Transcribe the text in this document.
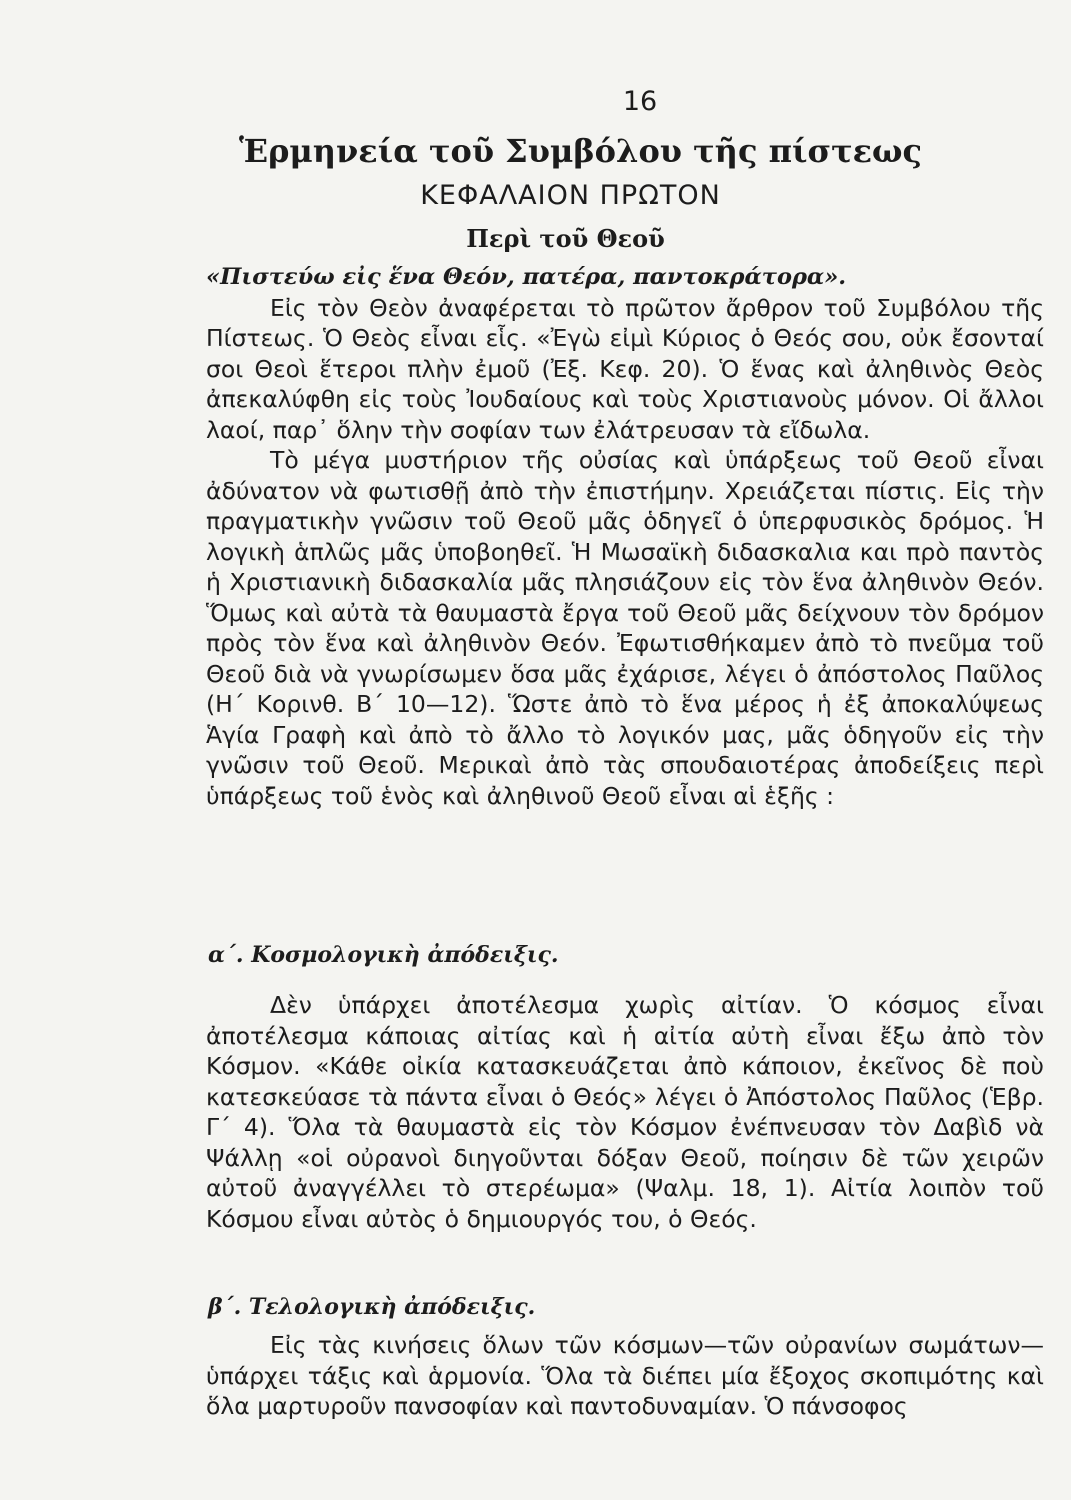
16
Ἑρμηνεία τοῦ Συμβόλου τῆς πίστεως
ΚΕΦΑΛΑΙΟΝ ΠΡΩΤΟΝ
Περὶ τοῦ Θεοῦ

«Πιστεύω εἰς ἕνα Θεόν, πατέρα, παντοκράτορα».

Εἰς τὸν Θεὸν ἀναφέρεται τὸ πρῶτον ἄρθρον τοῦ Συμβόλου τῆς Πίστεως. Ὁ Θεὸς εἶναι εἷς. «Ἐγὼ εἰμὶ Κύριος ὁ Θεός σου, οὐκ ἔσονταί σοι Θεοὶ ἕτεροι πλὴν ἐμοῦ (Ἐξ. Κεφ. 20). Ὁ ἕνας καὶ ἀληθινὸς Θεὸς ἀπεκαλύφθη εἰς τοὺς Ἰουδαίους καὶ τοὺς Χριστιανοὺς μόνον. Οἱ ἄλλοι λαοί, παρ᾽ ὅλην τὴν σοφίαν των ἐλάτρευσαν τὰ εἴδωλα.

Τὸ μέγα μυστήριον τῆς οὐσίας καὶ ὑπάρξεως τοῦ Θεοῦ εἶναι ἀδύνατον νὰ φωτισθῇ ἀπὸ τὴν ἐπιστήμην. Χρειάζεται πίστις. Εἰς τὴν πραγματικὴν γνῶσιν τοῦ Θεοῦ μᾶς ὁδηγεῖ ὁ ὑπερφυσικὸς δρόμος. Ἡ λογικὴ ἁπλῶς μᾶς ὑποβοηθεῖ. Ἡ Μωσαϊκὴ διδασκαλια και πρὸ παντὸς ἡ Χριστιανικὴ διδασκαλία μᾶς πλησιάζουν εἰς τὸν ἕνα ἀληθινὸν Θεόν. Ὅμως καὶ αὐτὰ τὰ θαυμαστὰ ἔργα τοῦ Θεοῦ μᾶς δείχνουν τὸν δρόμον πρὸς τὸν ἕνα καὶ ἀληθινὸν Θεόν. Ἐφωτισθήκαμεν ἀπὸ τὸ πνεῦμα τοῦ Θεοῦ διὰ νὰ γνωρίσωμεν ὅσα μᾶς ἐχάρισε, λέγει ὁ ἀπόστολος Παῦλος (Η΄ Κορινθ. Β΄ 10—12). Ὥστε ἀπὸ τὸ ἕνα μέρος ἡ ἐξ ἀποκαλύψεως Ἁγία Γραφὴ καὶ ἀπὸ τὸ ἄλλο τὸ λογικόν μας, μᾶς ὁδηγοῦν εἰς τὴν γνῶσιν τοῦ Θεοῦ. Μερικαὶ ἀπὸ τὰς σπουδαιοτέρας ἀποδείξεις περὶ ὑπάρξεως τοῦ ἑνὸς καὶ ἀληθινοῦ Θεοῦ εἶναι αἱ ἑξῆς :

α΄. Κοσμολογικὴ ἀπόδειξις.

Δὲν ὑπάρχει ἀποτέλεσμα χωρὶς αἰτίαν. Ὁ κόσμος εἶναι ἀποτέλεσμα κάποιας αἰτίας καὶ ἡ αἰτία αὐτὴ εἶναι ἔξω ἀπὸ τὸν Κόσμον. «Κάθε οἰκία κατασκευάζεται ἀπὸ κάποιον, ἐκεῖνος δὲ ποὺ κατεσκεύασε τὰ πάντα εἶναι ὁ Θεός» λέγει ὁ Ἀπόστολος Παῦλος (Ἑβρ. Γ΄ 4). Ὅλα τὰ θαυμαστὰ εἰς τὸν Κόσμον ἐνέπνευσαν τὸν Δαβὶδ νὰ Ψάλλῃ «οἱ οὐρανοὶ διηγοῦνται δόξαν Θεοῦ, ποίησιν δὲ τῶν χειρῶν αὐτοῦ ἀναγγέλλει τὸ στερέωμα» (Ψαλμ. 18, 1). Αἰτία λοιπὸν τοῦ Κόσμου εἶναι αὐτὸς ὁ δημιουργός του, ὁ Θεός.

β΄. Τελολογικὴ ἀπόδειξις.

Εἰς τὰς κινήσεις ὅλων τῶν κόσμων—τῶν οὐρανίων σωμάτων—ὑπάρχει τάξις καὶ ἁρμονία. Ὅλα τὰ διέπει μία ἔξοχος σκοπιμότης καὶ ὅλα μαρτυροῦν πανσοφίαν καὶ παντοδυναμίαν. Ὁ πάνσοφος
